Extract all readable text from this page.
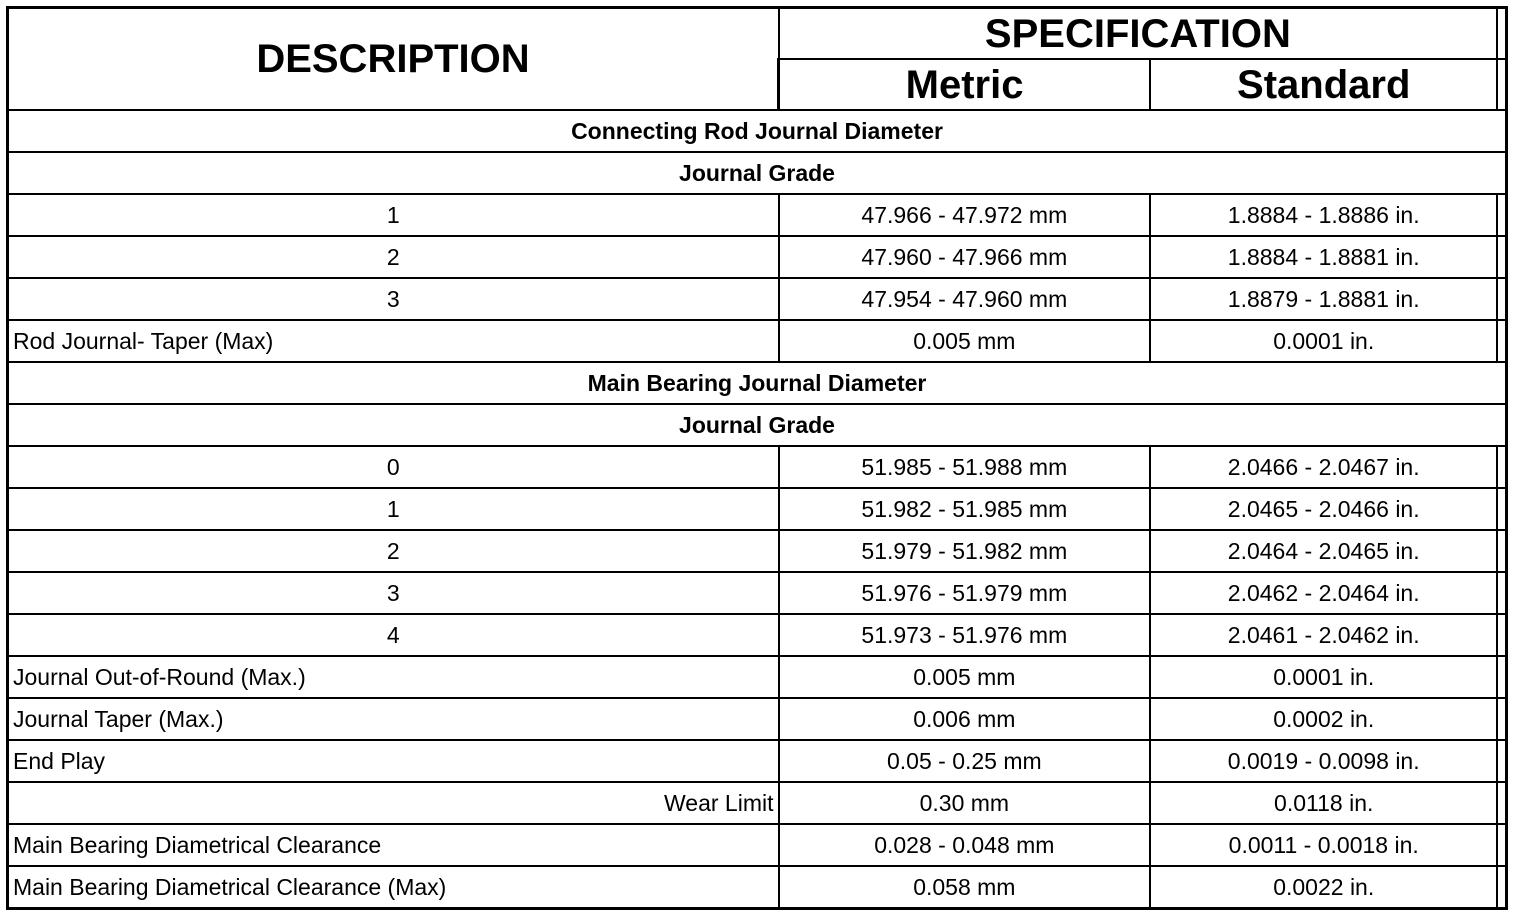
DESCRIPTION	SPECIFICATION		
	Metric	Standard	
Connecting Rod Journal Diameter			
Journal Grade			
1	47.966 - 47.972 mm	1.8884 - 1.8886 in.	
2	47.960 - 47.966 mm	1.8884 - 1.8881 in.	
3	47.954 - 47.960 mm	1.8879 - 1.8881 in.	
Rod Journal- Taper (Max)	0.005 mm	0.0001 in.	
Main Bearing Journal Diameter			
Journal Grade			
0	51.985 - 51.988 mm	2.0466 - 2.0467 in.	
1	51.982 - 51.985 mm	2.0465 - 2.0466 in.	
2	51.979 - 51.982 mm	2.0464 - 2.0465 in.	
3	51.976 - 51.979 mm	2.0462 - 2.0464 in.	
4	51.973 - 51.976 mm	2.0461 - 2.0462 in.	
Journal Out-of-Round (Max.)	0.005 mm	0.0001 in.	
Journal Taper (Max.)	0.006 mm	0.0002 in.	
End Play	0.05 - 0.25 mm	0.0019 - 0.0098 in.	
Wear Limit	0.30 mm	0.0118 in.	
Main Bearing Diametrical Clearance	0.028 - 0.048 mm	0.0011 - 0.0018 in.	
Main Bearing Diametrical Clearance (Max)	0.058 mm	0.0022 in.	
